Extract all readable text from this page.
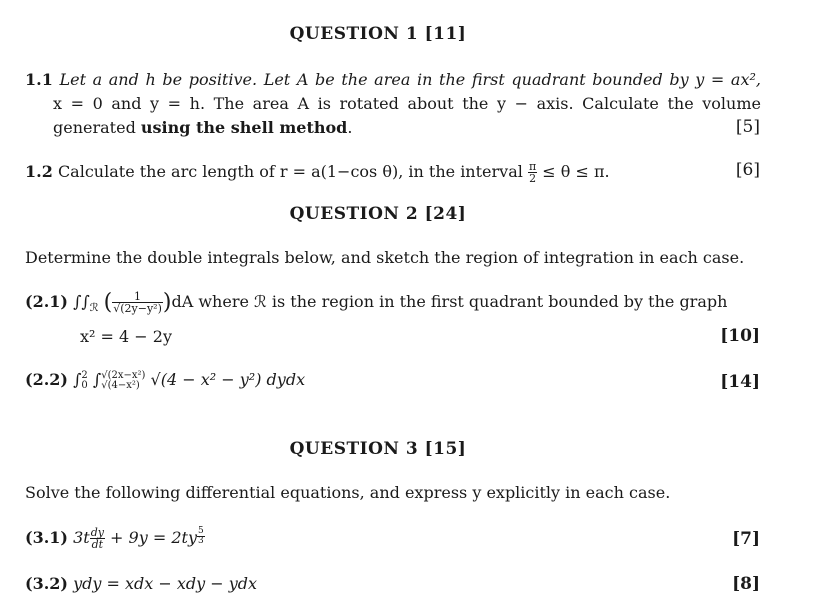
QUESTION 1 [11]
1.1 Let a and h be positive. Let A be the area in the first quadrant bounded by y = ax²,
x = 0 and y = h. The area A is rotated about the y − axis. Calculate the volume
generated using the shell method.	[5]
1.2 Calculate the arc length of r = a(1−cos θ), in the interval $\frac{\pi}{2} \le \theta \le \pi$.	[6]
QUESTION 2 [24]
Determine the double integrals below, and sketch the region of integration in each case.
(2.1) $\int\int_ℛ$ ( $\frac{1}{\text{√(2y−y²)}} )dA$ where ℛ is the region in the first quadrant bounded by the graph
x² = 4 − 2y	[10]
(2.2) ∫ 2
0 ∫ √(2x−x²)
√(4−x²) √(4 − x² − y²) dydx	[14]
QUESTION 3 [15]
Solve the following differential equations, and express y explicitly in each case.
(3.1) $3t \frac{dy}{dt} + 9y = 2ty \frac{5}{3}$	[7]
(3.2) ydy = xdx − xdy − ydx	[8]
